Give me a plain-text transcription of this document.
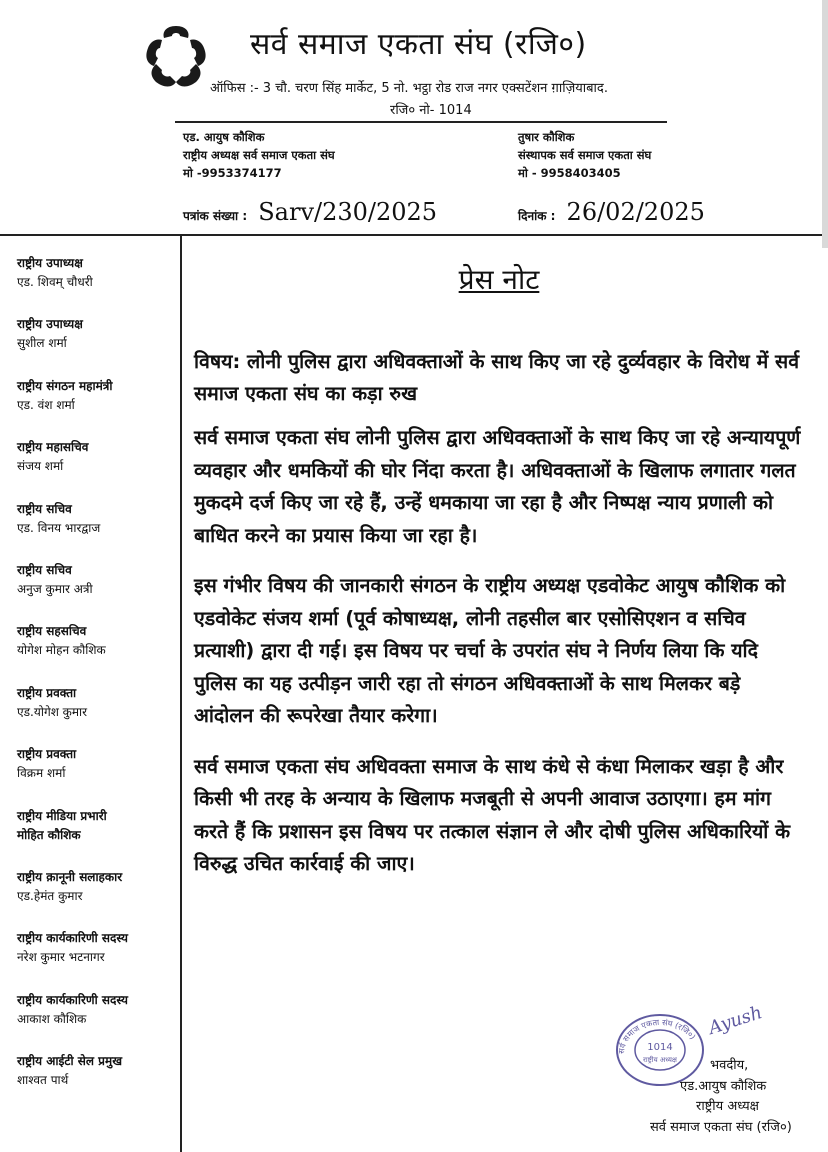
सर्व समाज एकता संघ (रजि०)
ऑफिस :- 3 चौ. चरण सिंह मार्केट, 5 नो. भट्ठा रोड राज नगर एक्सटेंशन ग़ाज़ियाबाद.
रजि० नो- 1014
एड. आयुष कौशिक
राष्ट्रीय अध्यक्ष सर्व समाज एकता संघ
मो -9953374177
तुषार कौशिक
संस्थापक सर्व समाज एकता संघ
मो - 9958403405
पत्रांक संख्या : Sarv/230/2025	दिनांक : 26/02/2025
राष्ट्रीय उपाध्यक्ष
एड. शिवम् चौधरी
राष्ट्रीय उपाध्यक्ष
सुशील शर्मा
राष्ट्रीय संगठन महामंत्री
एड. वंश शर्मा
राष्ट्रीय महासचिव
संजय शर्मा
राष्ट्रीय सचिव
एड. विनय भारद्वाज
राष्ट्रीय सचिव
अनुज कुमार अत्री
राष्ट्रीय सहसचिव
योगेश मोहन कौशिक
राष्ट्रीय प्रवक्ता
एड.योगेश कुमार
राष्ट्रीय प्रवक्ता
विक्रम शर्मा
राष्ट्रीय मीडिया प्रभारी
मोहित कौशिक
राष्ट्रीय क़ानूनी सलाहकार
एड.हेमंत कुमार
राष्ट्रीय कार्यकारिणी सदस्य
नरेश कुमार भटनागर
राष्ट्रीय कार्यकारिणी सदस्य
आकाश कौशिक
राष्ट्रीय आईटी सेल प्रमुख
शाश्वत पार्थ
प्रेस नोट
विषय: लोनी पुलिस द्वारा अधिवक्ताओं के साथ किए जा रहे दुर्व्यवहार के विरोध में सर्व समाज एकता संघ का कड़ा रुख
सर्व समाज एकता संघ लोनी पुलिस द्वारा अधिवक्ताओं के साथ किए जा रहे अन्यायपूर्ण व्यवहार और धमकियों की घोर निंदा करता है। अधिवक्ताओं के खिलाफ लगातार गलत मुकदमे दर्ज किए जा रहे हैं, उन्हें धमकाया जा रहा है और निष्पक्ष न्याय प्रणाली को बाधित करने का प्रयास किया जा रहा है।
इस गंभीर विषय की जानकारी संगठन के राष्ट्रीय अध्यक्ष एडवोकेट आयुष कौशिक को एडवोकेट संजय शर्मा (पूर्व कोषाध्यक्ष, लोनी तहसील बार एसोसिएशन व सचिव प्रत्याशी) द्वारा दी गई। इस विषय पर चर्चा के उपरांत संघ ने निर्णय लिया कि यदि पुलिस का यह उत्पीड़न जारी रहा तो संगठन अधिवक्ताओं के साथ मिलकर बड़े आंदोलन की रूपरेखा तैयार करेगा।
सर्व समाज एकता संघ अधिवक्ता समाज के साथ कंधे से कंधा मिलाकर खड़ा है और किसी भी तरह के अन्याय के खिलाफ मजबूती से अपनी आवाज उठाएगा। हम मांग करते हैं कि प्रशासन इस विषय पर तत्काल संज्ञान ले और दोषी पुलिस अधिकारियों के विरुद्ध उचित कार्रवाई की जाए।
सर्व समाज एकता संघ (रजि०)
1014
राष्ट्रीय अध्यक्ष
Ayush
भवदीय,
एड.आयुष कौशिक
राष्ट्रीय अध्यक्ष
सर्व समाज एकता संघ (रजि०)
